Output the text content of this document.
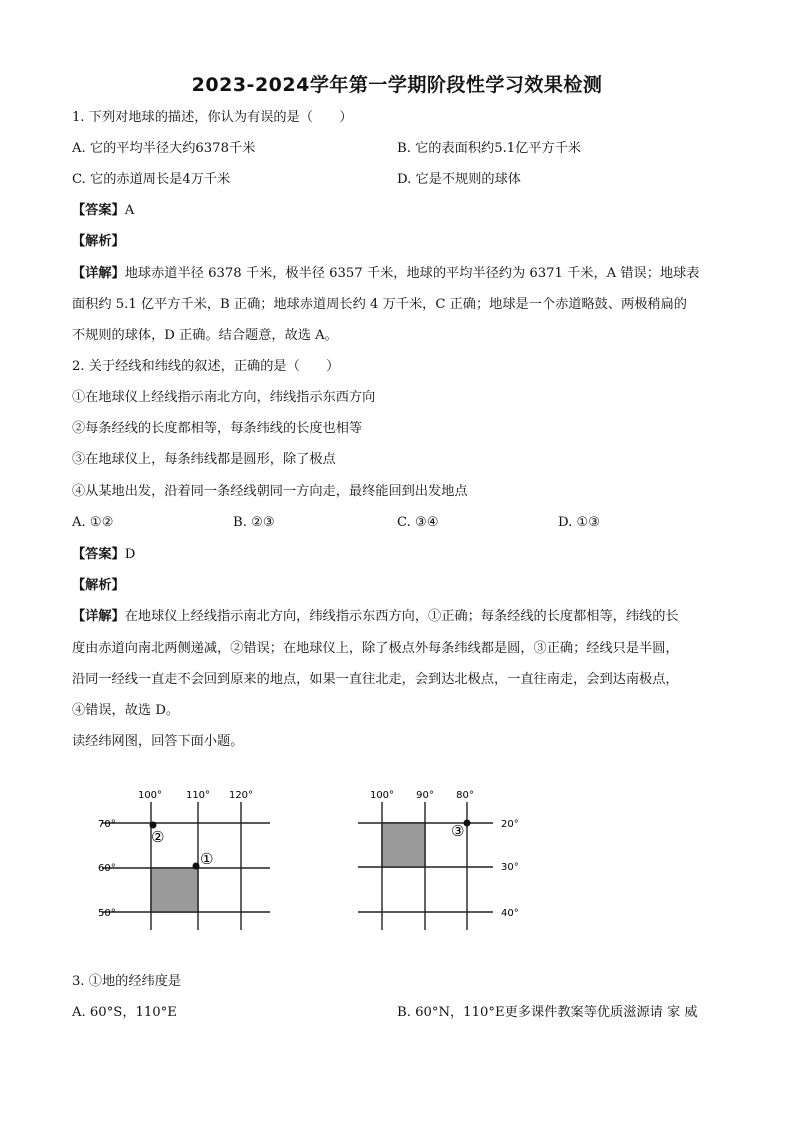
2023-2024学年第一学期阶段性学习效果检测
1. 下列对地球的描述，你认为有误的是（　　）
A. 它的平均半径大约6378千米	B. 它的表面积约5.1亿平方千米
C. 它的赤道周长是4万千米	D. 它是不规则的球体
【答案】A
【解析】
【详解】地球赤道半径 6378 千米，极半径 6357 千米，地球的平均半径约为 6371 千米，A 错误；地球表
面积约 5.1 亿平方千米，B 正确；地球赤道周长约 4 万千米，C 正确；地球是一个赤道略鼓、两极稍扁的
不规则的球体，D 正确。结合题意，故选 A。
2. 关于经线和纬线的叙述，正确的是（　　）
①在地球仪上经线指示南北方向，纬线指示东西方向
②每条经线的长度都相等，每条纬线的长度也相等
③在地球仪上，每条纬线都是圆形，除了极点
④从某地出发，沿着同一条经线朝同一方向走，最终能回到出发地点
A. ①②	B. ②③	C. ③④	D. ①③
【答案】D
【解析】
【详解】在地球仪上经线指示南北方向，纬线指示东西方向，①正确；每条经线的长度都相等，纬线的长
度由赤道向南北两侧递减，②错误；在地球仪上，除了极点外每条纬线都是圆，③正确；经线只是半圆，
沿同一经线一直走不会回到原来的地点，如果一直往北走，会到达北极点，一直往南走，会到达南极点，
④错误，故选 D。
读经纬网图，回答下面小题。
100° 110° 120°
70°
60°
50°
②
①
100° 90° 80°
20°
30°
40°
③
3. ①地的经纬度是
A. 60°S，110°E	B. 60°N，110°E更多课件教案等优质滋源请 家 威
